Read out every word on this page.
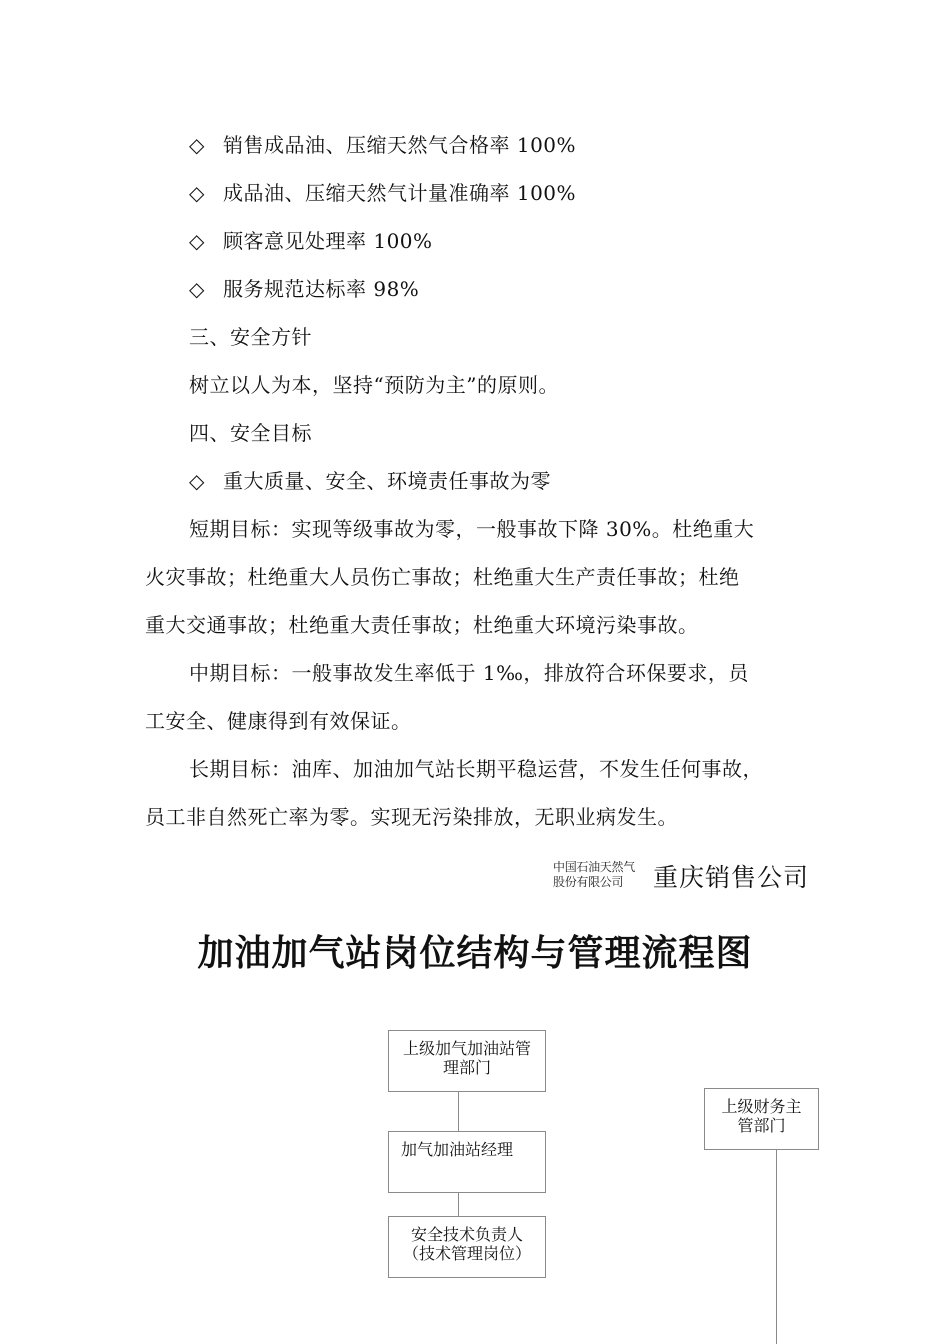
◇ 销售成品油、压缩天然气合格率 100%
◇ 成品油、压缩天然气计量准确率 100%
◇ 顾客意见处理率 100%
◇ 服务规范达标率 98%
三、安全方针
树立以人为本，坚持“预防为主”的原则。
四、安全目标
◇ 重大质量、安全、环境责任事故为零
短期目标：实现等级事故为零，一般事故下降 30%。杜绝重大
火灾事故；杜绝重大人员伤亡事故；杜绝重大生产责任事故；杜绝
重大交通事故；杜绝重大责任事故；杜绝重大环境污染事故。
中期目标：一般事故发生率低于 1‰，排放符合环保要求，员
工安全、健康得到有效保证。
长期目标：油库、加油加气站长期平稳运营，不发生任何事故，
员工非自然死亡率为零。实现无污染排放，无职业病发生。
中国石油天然气
股份有限公司	重庆销售公司
加油加气站岗位结构与管理流程图
上级加气加油站管
理部门
上级财务主
管部门
加气加油站经理
安全技术负责人
（技术管理岗位）
